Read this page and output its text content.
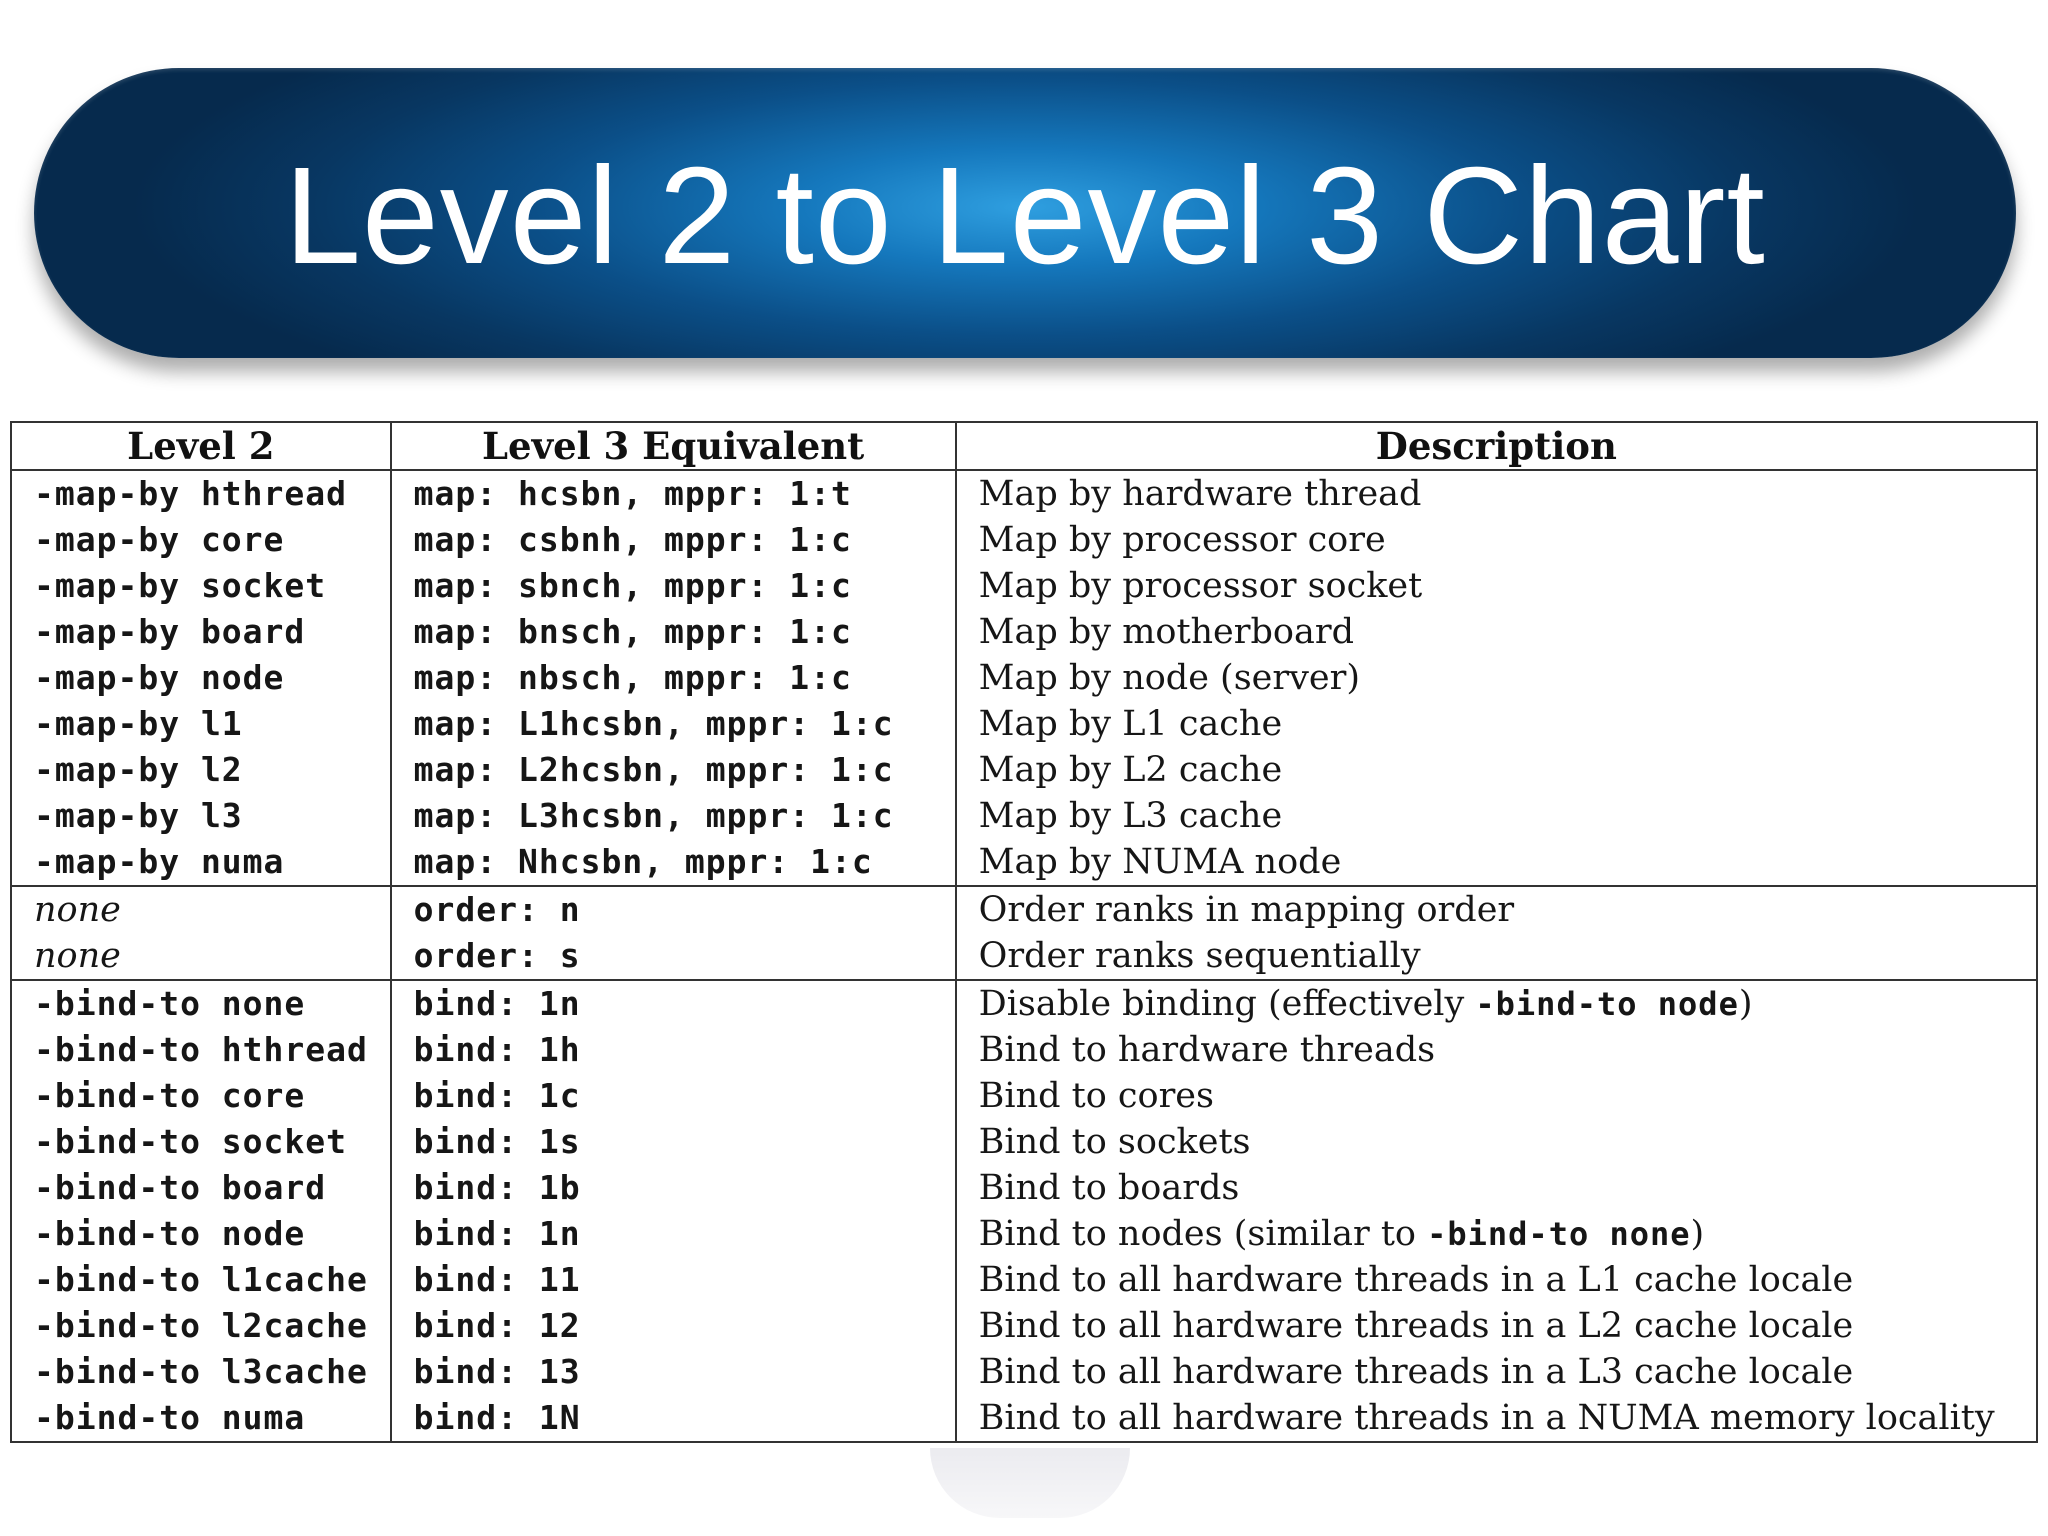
Level 2 to Level 3 Chart
Level 2	Level 3 Equivalent	Description
-map-by hthread	map: hcsbn, mppr: 1:t	Map by hardware thread
-map-by core	map: csbnh, mppr: 1:c	Map by processor core
-map-by socket	map: sbnch, mppr: 1:c	Map by processor socket
-map-by board	map: bnsch, mppr: 1:c	Map by motherboard
-map-by node	map: nbsch, mppr: 1:c	Map by node (server)
-map-by l1	map: L1hcsbn, mppr: 1:c	Map by L1 cache
-map-by l2	map: L2hcsbn, mppr: 1:c	Map by L2 cache
-map-by l3	map: L3hcsbn, mppr: 1:c	Map by L3 cache
-map-by numa	map: Nhcsbn, mppr: 1:c	Map by NUMA node
none	order: n	Order ranks in mapping order
none	order: s	Order ranks sequentially
-bind-to none	bind: 1n	Disable binding (effectively -bind-to node)
-bind-to hthread	bind: 1h	Bind to hardware threads
-bind-to core	bind: 1c	Bind to cores
-bind-to socket	bind: 1s	Bind to sockets
-bind-to board	bind: 1b	Bind to boards
-bind-to node	bind: 1n	Bind to nodes (similar to -bind-to none)
-bind-to l1cache	bind: 11	Bind to all hardware threads in a L1 cache locale
-bind-to l2cache	bind: 12	Bind to all hardware threads in a L2 cache locale
-bind-to l3cache	bind: 13	Bind to all hardware threads in a L3 cache locale
-bind-to numa	bind: 1N	Bind to all hardware threads in a NUMA memory locality
